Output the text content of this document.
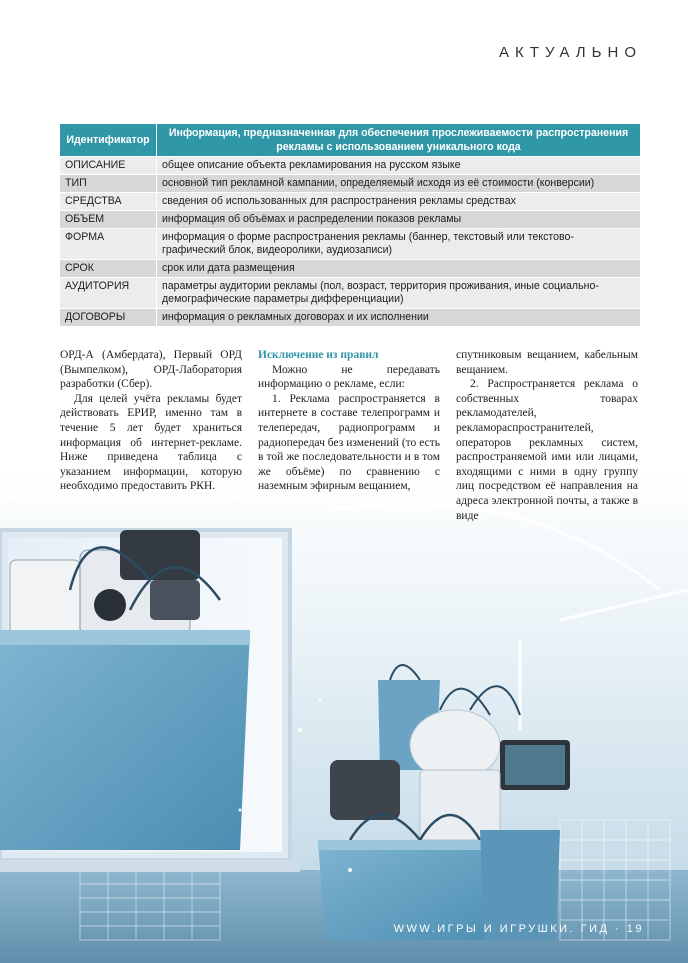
АКТУАЛЬНО
Идентификатор	Информация, предназначенная для обеспечения прослеживаемости распространения рекламы с использованием уникального кода
ОПИСАНИЕ	общее описание объекта рекламирования на русском языке
ТИП	основной тип рекламной кампании, определяемый исходя из её стоимости (конверсии)
СРЕДСТВА	сведения об использованных для распространения рекламы средствах
ОБЪЕМ	информация об объёмах и распределении показов рекламы
ФОРМА	информация о форме распространения рекламы (баннер, текстовый или текстово-графический блок, видеоролики, аудиозаписи)
СРОК	срок или дата размещения
АУДИТОРИЯ	параметры аудитории рекламы (пол, возраст, территория проживания, иные социально-демографические параметры дифференциации)
ДОГОВОРЫ	информация о рекламных договорах и их исполнении

ОРД-А (Амбердата), Первый ОРД (Вымпелком), ОРД-Лаборатория разработки (Сбер).

Для целей учёта рекламы будет действовать ЕРИР, именно там в течение 5 лет будет храниться информация об интернет-рекламе. Ниже приведена таблица с указанием информации, которую необходимо предоставить РКН.

Исключение из правил

Можно не передавать информацию о рекламе, если:

1. Реклама распространяется в интернете в составе телепрограмм и телепередач, радиопрограмм и радиопередач без изменений (то есть в той же последовательности и в том же объёме) по сравнению с наземным эфирным вещанием,

спутниковым вещанием, кабельным вещанием.

2. Распространяется реклама о собственных товарах рекламодателей, рекламораспространителей, операторов рекламных систем, распространяемой ими или лицами, входящими с ними в одну группу лиц посредством её направления на адреса электронной почты, а также в виде

WWW.ИГРЫ И ИГРУШКИ. ГИД · 19
